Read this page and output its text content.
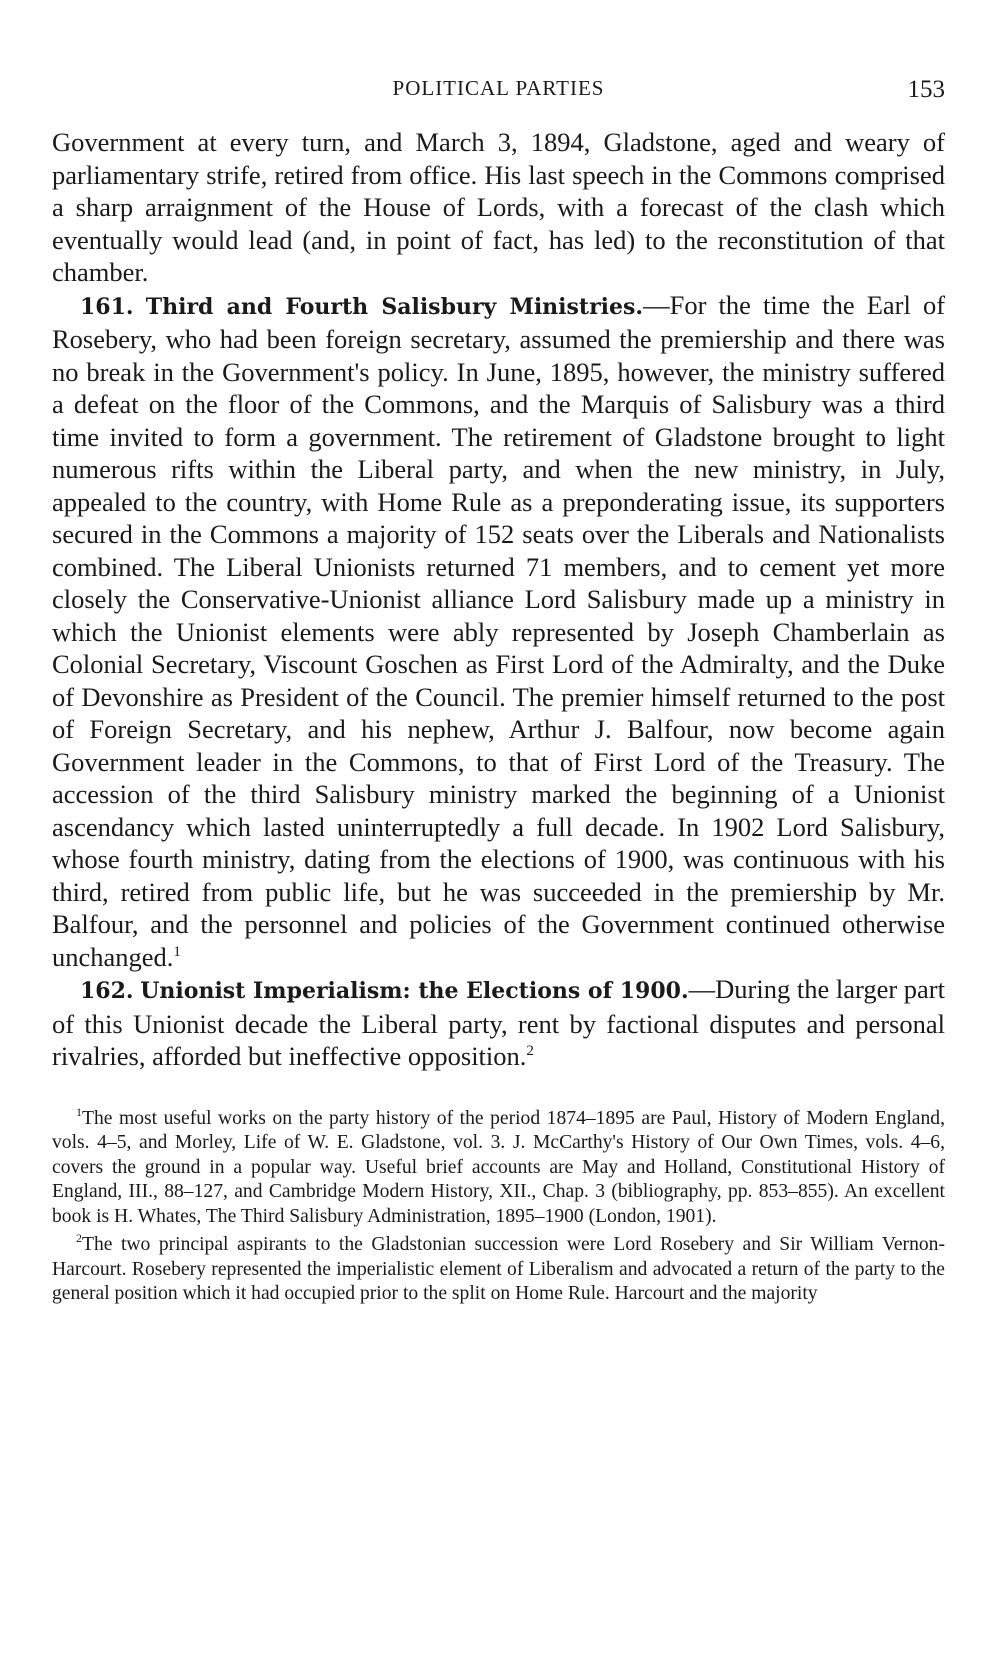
POLITICAL PARTIES	153

Government at every turn, and March 3, 1894, Gladstone, aged and weary of parliamentary strife, retired from office. His last speech in the Commons comprised a sharp arraignment of the House of Lords, with a forecast of the clash which eventually would lead (and, in point of fact, has led) to the reconstitution of that chamber.

161. Third and Fourth Salisbury Ministries.—For the time the Earl of Rosebery, who had been foreign secretary, assumed the premiership and there was no break in the Government's policy. In June, 1895, however, the ministry suffered a defeat on the floor of the Commons, and the Marquis of Salisbury was a third time invited to form a government. The retirement of Gladstone brought to light numerous rifts within the Liberal party, and when the new ministry, in July, appealed to the country, with Home Rule as a preponderating issue, its supporters secured in the Commons a majority of 152 seats over the Liberals and Nationalists combined. The Liberal Unionists returned 71 members, and to cement yet more closely the Conservative-Unionist alliance Lord Salisbury made up a ministry in which the Unionist elements were ably represented by Joseph Chamberlain as Colonial Secretary, Viscount Goschen as First Lord of the Admiralty, and the Duke of Devonshire as President of the Council. The premier himself returned to the post of Foreign Secretary, and his nephew, Arthur J. Balfour, now become again Government leader in the Commons, to that of First Lord of the Treasury. The accession of the third Salisbury ministry marked the beginning of a Unionist ascendancy which lasted uninterruptedly a full decade. In 1902 Lord Salisbury, whose fourth ministry, dating from the elections of 1900, was continuous with his third, retired from public life, but he was succeeded in the premiership by Mr. Balfour, and the personnel and policies of the Government continued otherwise unchanged.$^1$

162. Unionist Imperialism: the Elections of 1900.—During the larger part of this Unionist decade the Liberal party, rent by factional disputes and personal rivalries, afforded but ineffective opposition.$^2$

$^1$The most useful works on the party history of the period 1874–1895 are Paul, History of Modern England, vols. 4–5, and Morley, Life of W. E. Gladstone, vol. 3. J. McCarthy's History of Our Own Times, vols. 4–6, covers the ground in a popular way. Useful brief accounts are May and Holland, Constitutional History of England, III., 88–127, and Cambridge Modern History, XII., Chap. 3 (bibliography, pp. 853–855). An excellent book is H. Whates, The Third Salisbury Administration, 1895–1900 (London, 1901).

$^2$The two principal aspirants to the Gladstonian succession were Lord Rosebery and Sir William Vernon-Harcourt. Rosebery represented the imperialistic element of Liberalism and advocated a return of the party to the general position which it had occupied prior to the split on Home Rule. Harcourt and the majority
